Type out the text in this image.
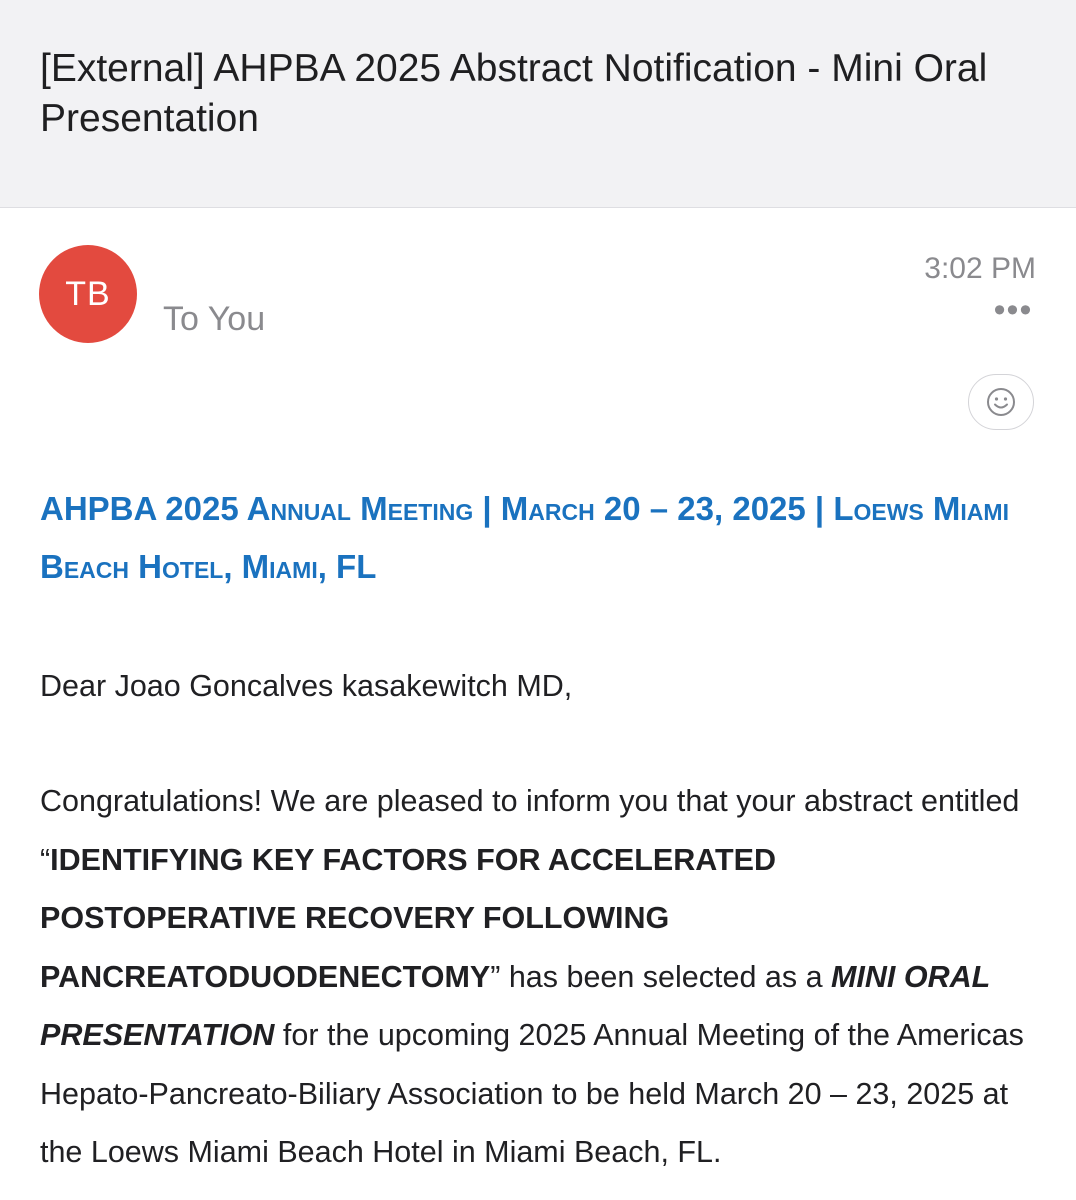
[External] AHPBA 2025 Abstract Notification - Mini Oral Presentation
TB
To You
3:02 PM
•••
AHPBA 2025 Annual Meeting | March 20 – 23, 2025 | Loews Miami Beach Hotel, Miami, FL
Dear Joao Goncalves kasakewitch MD,
Congratulations! We are pleased to inform you that your abstract entitled “IDENTIFYING KEY FACTORS FOR ACCELERATED POSTOPERATIVE RECOVERY FOLLOWING PANCREATODUODENECTOMY” has been selected as a MINI ORAL PRESENTATION for the upcoming 2025 Annual Meeting of the Americas Hepato-Pancreato-Biliary Association to be held March 20 – 23, 2025 at the Loews Miami Beach Hotel in Miami Beach, FL.
